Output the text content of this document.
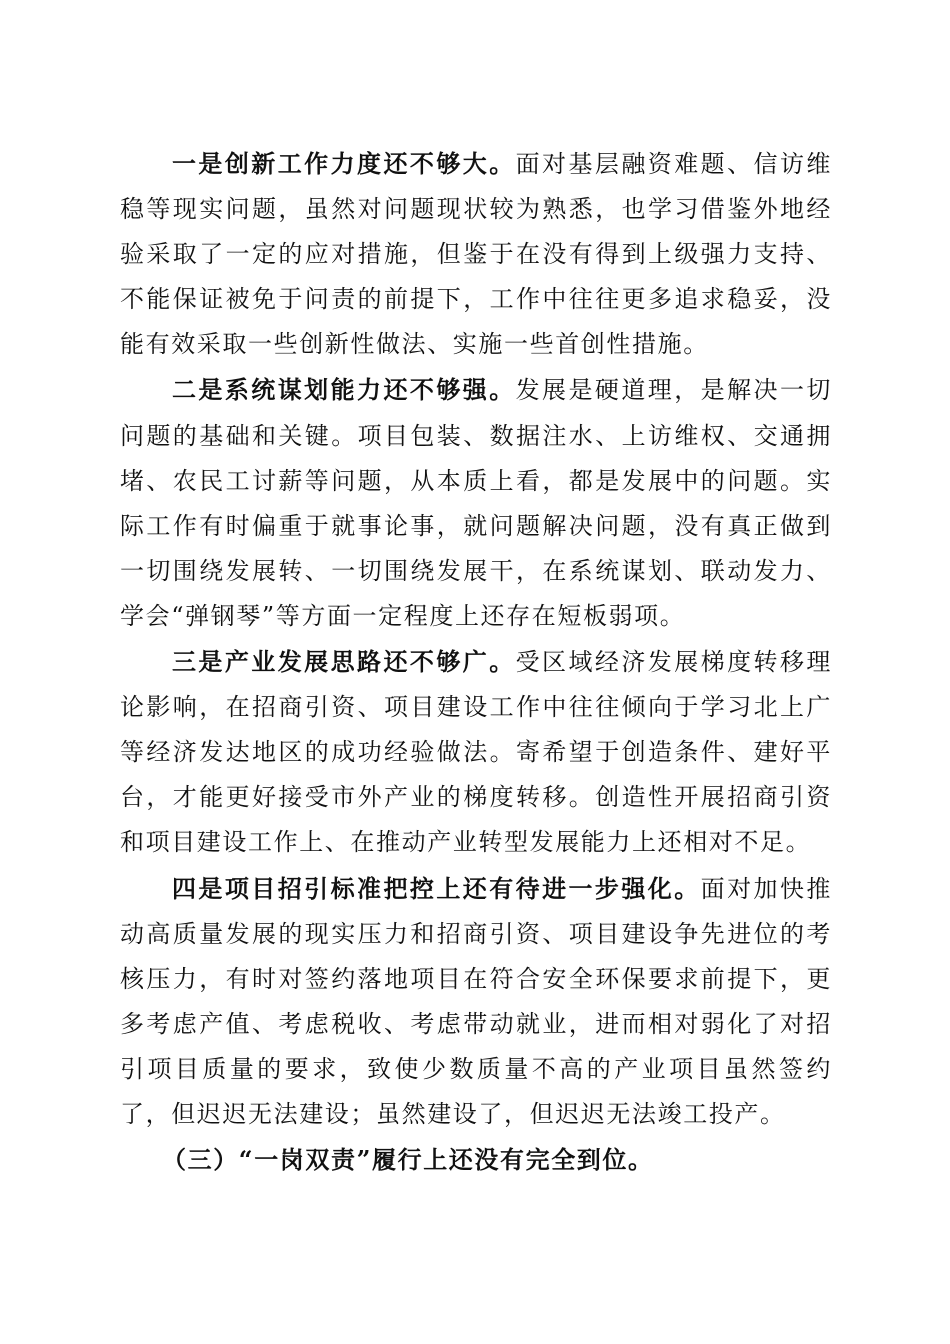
一是创新工作力度还不够大。面对基层融资难题、信访维稳等现实问题，虽然对问题现状较为熟悉，也学习借鉴外地经验采取了一定的应对措施，但鉴于在没有得到上级强力支持、不能保证被免于问责的前提下，工作中往往更多追求稳妥，没能有效采取一些创新性做法、实施一些首创性措施。

二是系统谋划能力还不够强。发展是硬道理，是解决一切问题的基础和关键。项目包装、数据注水、上访维权、交通拥堵、农民工讨薪等问题，从本质上看，都是发展中的问题。实际工作有时偏重于就事论事，就问题解决问题，没有真正做到一切围绕发展转、一切围绕发展干，在系统谋划、联动发力、学会“弹钢琴”等方面一定程度上还存在短板弱项。

三是产业发展思路还不够广。受区域经济发展梯度转移理论影响，在招商引资、项目建设工作中往往倾向于学习北上广等经济发达地区的成功经验做法。寄希望于创造条件、建好平台，才能更好接受市外产业的梯度转移。创造性开展招商引资和项目建设工作上、在推动产业转型发展能力上还相对不足。

四是项目招引标准把控上还有待进一步强化。面对加快推动高质量发展的现实压力和招商引资、项目建设争先进位的考核压力，有时对签约落地项目在符合安全环保要求前提下，更多考虑产值、考虑税收、考虑带动就业，进而相对弱化了对招引项目质量的要求，致使少数质量不高的产业项目虽然签约了，但迟迟无法建设；虽然建设了，但迟迟无法竣工投产。

（三）“一岗双责”履行上还没有完全到位。
